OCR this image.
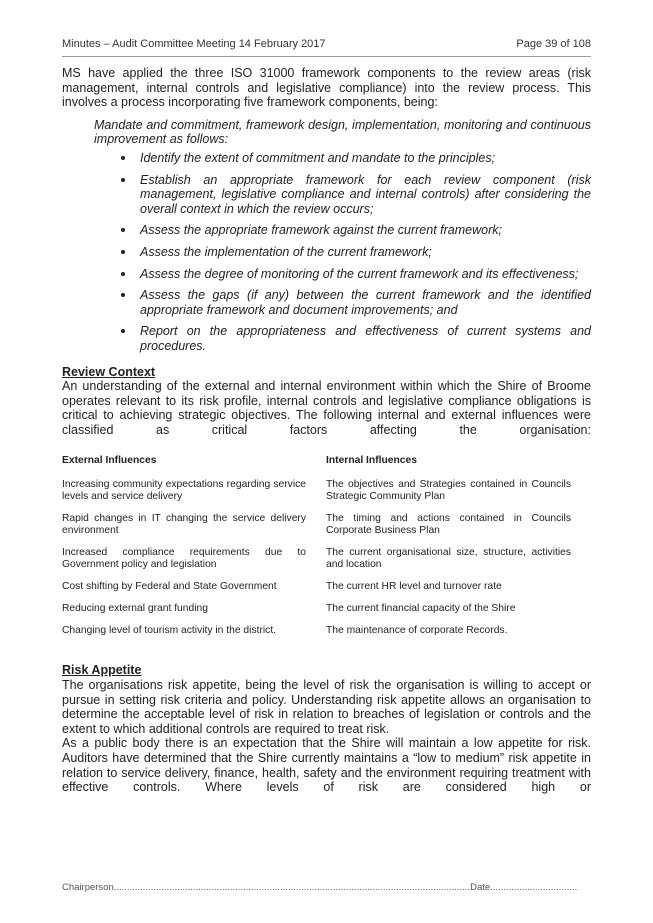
Minutes – Audit Committee Meeting 14 February 2017	Page 39 of 108

MS have applied the three ISO 31000 framework components to the review areas (risk management, internal controls and legislative compliance) into the review process. This involves a process incorporating five framework components, being:

Mandate and commitment, framework design, implementation, monitoring and continuous improvement as follows:

Identify the extent of commitment and mandate to the principles;
Establish an appropriate framework for each review component (risk management, legislative compliance and internal controls) after considering the overall context in which the review occurs;
Assess the appropriate framework against the current framework;
Assess the implementation of the current framework;
Assess the degree of monitoring of the current framework and its effectiveness;
Assess the gaps (if any) between the current framework and the identified appropriate framework and document improvements; and
Report on the appropriateness and effectiveness of current systems and procedures.
Review Context

An understanding of the external and internal environment within which the Shire of Broome operates relevant to its risk profile, internal controls and legislative compliance obligations is critical to achieving strategic objectives. The following internal and external influences were classified as critical factors affecting the organisation:

External Influences	Internal Influences
Increasing community expectations regarding service levels and service delivery	The objectives and Strategies contained in Councils Strategic Community Plan
Rapid changes in IT changing the service delivery environment	The timing and actions contained in Councils Corporate Business Plan
Increased compliance requirements due to Government policy and legislation	The current organisational size, structure, activities and location
Cost shifting by Federal and State Government	The current HR level and turnover rate
Reducing external grant funding	The current financial capacity of the Shire
Changing level of tourism activity in the district.	The maintenance of corporate Records.
Risk Appetite

The organisations risk appetite, being the level of risk the organisation is willing to accept or pursue in setting risk criteria and policy. Understanding risk appetite allows an organisation to determine the acceptable level of risk in relation to breaches of legislation or controls and the extent to which additional controls are required to treat risk.

As a public body there is an expectation that the Shire will maintain a low appetite for risk. Auditors have determined that the Shire currently maintains a “low to medium” risk appetite in relation to service delivery, finance, health, safety and the environment requiring treatment with effective controls. Where levels of risk are considered high or

Chairperson.......................................................................................................................................Date.................................
